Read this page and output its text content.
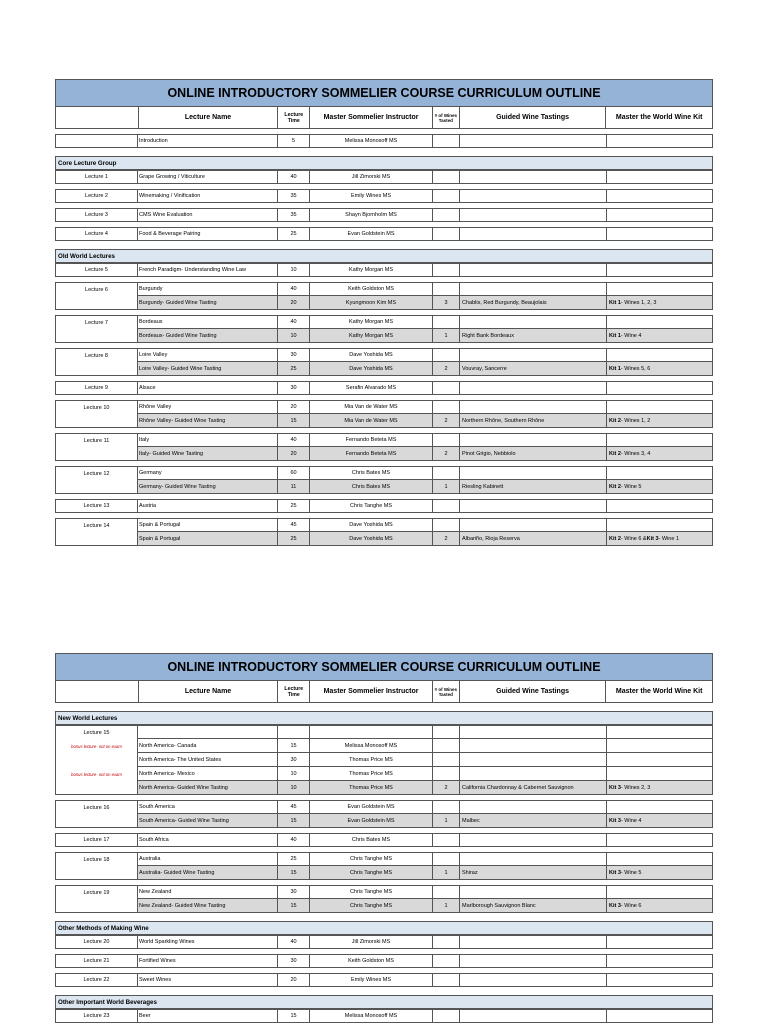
ONLINE INTRODUCTORY SOMMELIER COURSE CURRICULUM OUTLINE
Lecture Name	Lecture Time	Master Sommelier Instructor	# of Wines Tasted	Guided Wine Tastings	Master the World Wine Kit
Introduction	5	Melissa Monosoff MS
Core Lecture Group
Lecture 1	Grape Growing / Viticulture	40	Jill Zimorski MS
Lecture 2	Winemaking / Vinification	35	Emily Wines MS
Lecture 3	CMS Wine Evaluation	35	Shayn Bjornholm MS
Lecture 4	Food & Beverage Pairing	25	Evan Goldstein MS
Old World Lectures
Lecture 5	French Paradigm- Understanding Wine Law	10	Kathy Morgan MS
Lecture 6	Burgundy	40	Keith Goldston MS
Burgundy- Guided Wine Tasting	20	Kyungmoon Kim MS	3	Chablis, Red Burgundy, Beaujolais	Kit 1 - Wines 1, 2, 3
Lecture 7	Bordeaux	40	Kathy Morgan MS
Bordeaux- Guided Wine Tasting	10	Kathy Morgan MS	1	Right Bank Bordeaux	Kit 1 - Wine 4
Lecture 8	Loire Valley	30	Dave Yoshida MS
Loire Valley- Guided Wine Tasting	25	Dave Yoshida MS	2	Vouvray, Sancerre	Kit 1 - Wines 5, 6
Lecture 9	Alsace	30	Serafin Alvarado MS
Lecture 10	Rhône Valley	20	Mia Van de Water MS
Rhône Valley- Guided Wine Tasting	15	Mia Van de Water MS	2	Northern Rhône, Southern Rhône	Kit 2 - Wines 1, 2
Lecture 11	Italy	40	Fernando Beteta MS
Italy- Guided Wine Tasting	20	Fernando Beteta MS	2	Pinot Grigio, Nebbiolo	Kit 2 - Wines 3, 4
Lecture 12	Germany	60	Chris Bates MS
Germany- Guided Wine Tasting	11	Chris Bates MS	1	Riesling Kabinett	Kit 2 - Wine 5
Lecture 13	Austria	25	Chris Tanghe MS
Lecture 14	Spain & Portugal	45	Dave Yoshida MS
Spain & Portugal	25	Dave Yoshida MS	2	Albariño, Rioja Reserva	Kit 2 - Wine 6 & Kit 3 - Wine 1
ONLINE INTRODUCTORY SOMMELIER COURSE CURRICULUM OUTLINE
Lecture Name	Lecture Time	Master Sommelier Instructor	# of Wines Tasted	Guided Wine Tastings	Master the World Wine Kit
New World Lectures
Lecture 15
bonus lecture- not on exam	North America- Canada	15	Melissa Monosoff MS
North America- The United States	30	Thomas Price MS
bonus lecture- not on exam	North America- Mexico	10	Thomas Price MS
North America- Guided Wine Tasting	10	Thomas Price MS	2	California Chardonnay & Cabernet Sauvignon	Kit 3 - Wines 2, 3
Lecture 16	South America	45	Evan Goldstein MS
South America- Guided Wine Tasting	15	Evan Goldstein MS	1	Malbec	Kit 3 - Wine 4
Lecture 17	South Africa	40	Chris Bates MS
Lecture 18	Australia	25	Chris Tanghe MS
Australia- Guided Wine Tasting	15	Chris Tanghe MS	1	Shiraz	Kit 3 - Wine 5
Lecture 19	New Zealand	30	Chris Tanghe MS
New Zealand- Guided Wine Tasting	15	Chris Tanghe MS	1	Marlborough Sauvignon Blanc	Kit 3 - Wine 6
Other Methods of Making Wine
Lecture 20	World Sparkling Wines	40	Jill Zimorski MS
Lecture 21	Fortified Wines	30	Keith Goldston MS
Lecture 22	Sweet Wines	20	Emily Wines MS
Other Important World Beverages
Lecture 23	Beer	15	Melissa Monosoff MS
